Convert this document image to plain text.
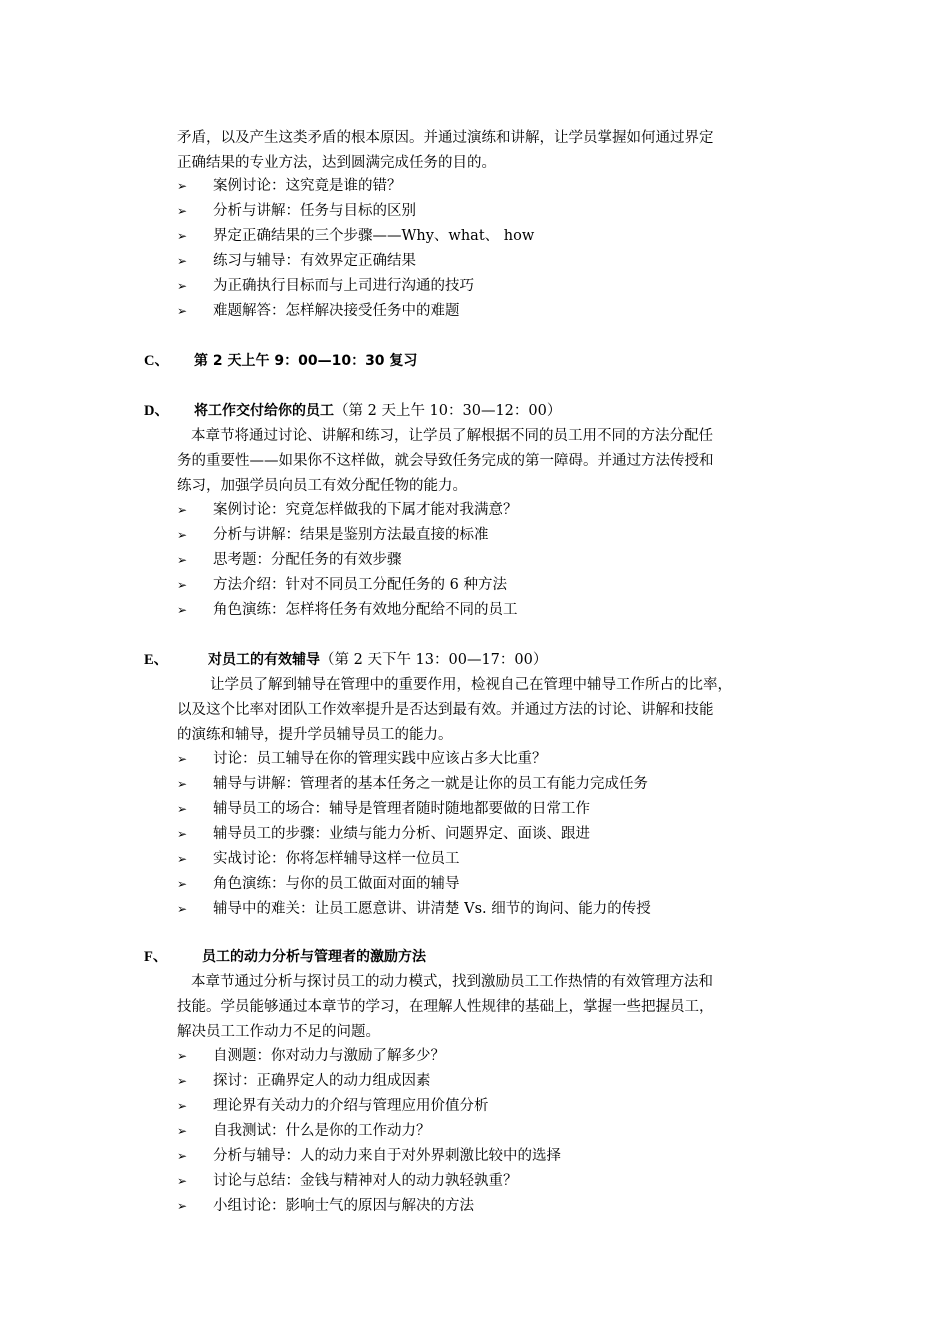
矛盾，以及产生这类矛盾的根本原因。并通过演练和讲解，让学员掌握如何通过界定
正确结果的专业方法，达到圆满完成任务的目的。
➢ 案例讨论：这究竟是谁的错？
➢ 分析与讲解：任务与目标的区别
➢ 界定正确结果的三个步骤——Why、what、 how
➢ 练习与辅导：有效界定正确结果
➢ 为正确执行目标而与上司进行沟通的技巧
➢ 难题解答：怎样解决接受任务中的难题
C、 第 2 天上午 9：00—10：30 复习
D、 将工作交付给你的员工（第 2 天上午 10：30—12：00）
本章节将通过讨论、讲解和练习，让学员了解根据不同的员工用不同的方法分配任
务的重要性——如果你不这样做，就会导致任务完成的第一障碍。并通过方法传授和
练习，加强学员向员工有效分配任物的能力。
➢ 案例讨论：究竟怎样做我的下属才能对我满意？
➢ 分析与讲解：结果是鉴别方法最直接的标准
➢ 思考题：分配任务的有效步骤
➢ 方法介绍：针对不同员工分配任务的 6 种方法
➢ 角色演练：怎样将任务有效地分配给不同的员工
E、	对员工的有效辅导（第 2 天下午 13：00—17：00）
让学员了解到辅导在管理中的重要作用，检视自己在管理中辅导工作所占的比率，
以及这个比率对团队工作效率提升是否达到最有效。并通过方法的讨论、讲解和技能
的演练和辅导，提升学员辅导员工的能力。
➢ 讨论：员工辅导在你的管理实践中应该占多大比重？
➢ 辅导与讲解：管理者的基本任务之一就是让你的员工有能力完成任务
➢ 辅导员工的场合：辅导是管理者随时随地都要做的日常工作
➢ 辅导员工的步骤：业绩与能力分析、问题界定、面谈、跟进
➢ 实战讨论：你将怎样辅导这样一位员工
➢ 角色演练：与你的员工做面对面的辅导
➢ 辅导中的难关：让员工愿意讲、讲清楚 Vs. 细节的询问、能力的传授
F、 员工的动力分析与管理者的激励方法
本章节通过分析与探讨员工的动力模式，找到激励员工工作热情的有效管理方法和
技能。学员能够通过本章节的学习，在理解人性规律的基础上，掌握一些把握员工，
解决员工工作动力不足的问题。
➢ 自测题：你对动力与激励了解多少？
➢ 探讨：正确界定人的动力组成因素
➢ 理论界有关动力的介绍与管理应用价值分析
➢ 自我测试：什么是你的工作动力？
➢ 分析与辅导：人的动力来自于对外界刺激比较中的选择
➢ 讨论与总结：金钱与精神对人的动力孰轻孰重？
➢ 小组讨论：影响士气的原因与解决的方法
